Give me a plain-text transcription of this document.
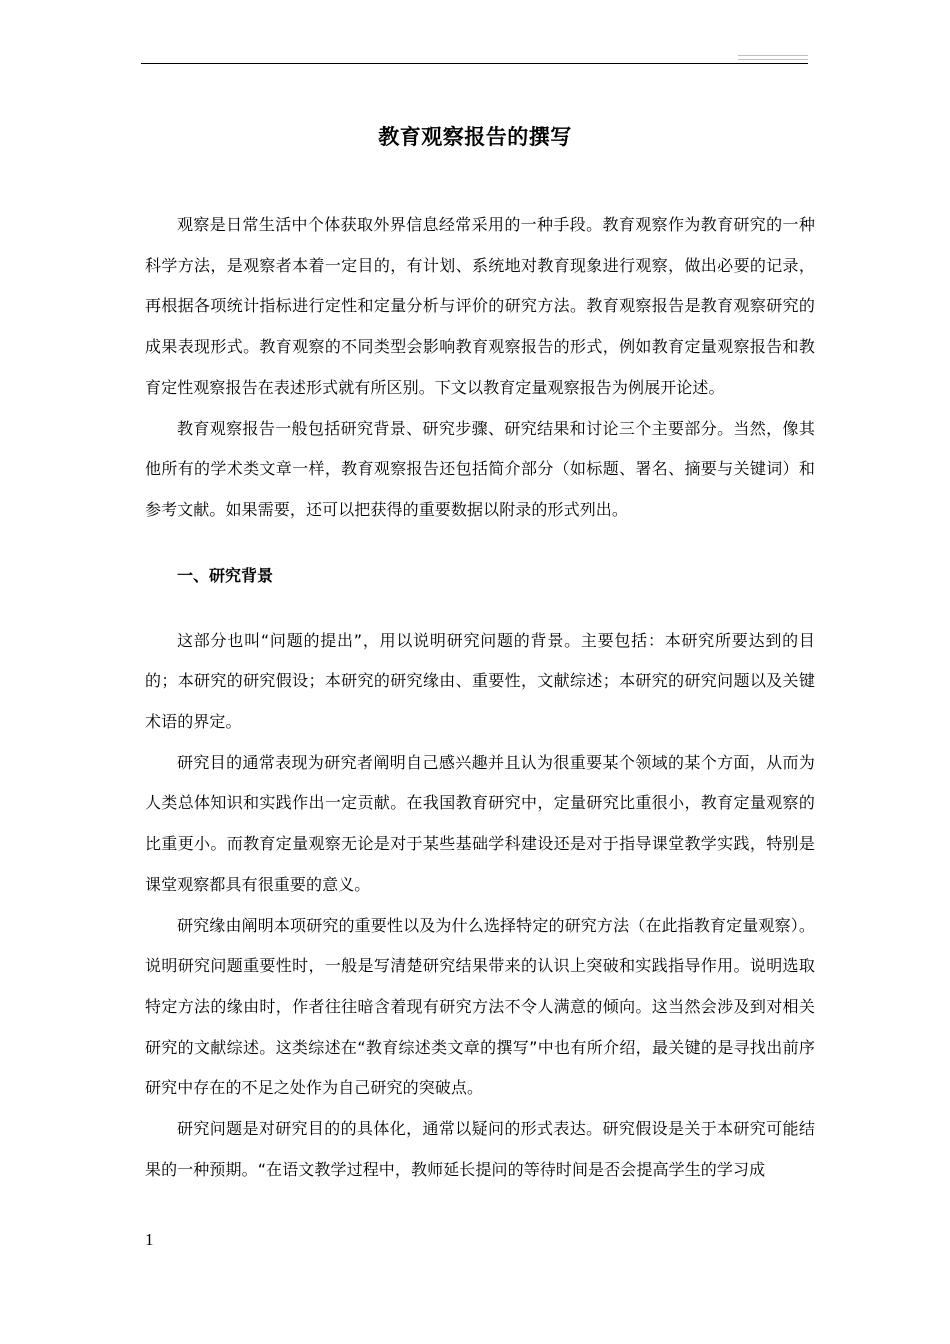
教育观察报告的撰写

观察是日常生活中个体获取外界信息经常采用的一种手段。教育观察作为教育研究的一种科学方法，是观察者本着一定目的，有计划、系统地对教育现象进行观察，做出必要的记录，再根据各项统计指标进行定性和定量分析与评价的研究方法。教育观察报告是教育观察研究的成果表现形式。教育观察的不同类型会影响教育观察报告的形式，例如教育定量观察报告和教育定性观察报告在表述形式就有所区别。下文以教育定量观察报告为例展开论述。

教育观察报告一般包括研究背景、研究步骤、研究结果和讨论三个主要部分。当然，像其他所有的学术类文章一样，教育观察报告还包括简介部分（如标题、署名、摘要与关键词）和参考文献。如果需要，还可以把获得的重要数据以附录的形式列出。

一、研究背景

这部分也叫“问题的提出”，用以说明研究问题的背景。主要包括：本研究所要达到的目的；本研究的研究假设；本研究的研究缘由、重要性，文献综述；本研究的研究问题以及关键术语的界定。

研究目的通常表现为研究者阐明自己感兴趣并且认为很重要某个领域的某个方面，从而为人类总体知识和实践作出一定贡献。在我国教育研究中，定量研究比重很小，教育定量观察的比重更小。而教育定量观察无论是对于某些基础学科建设还是对于指导课堂教学实践，特别是课堂观察都具有很重要的意义。

研究缘由阐明本项研究的重要性以及为什么选择特定的研究方法（在此指教育定量观察）。说明研究问题重要性时，一般是写清楚研究结果带来的认识上突破和实践指导作用。说明选取特定方法的缘由时，作者往往暗含着现有研究方法不令人满意的倾向。这当然会涉及到对相关研究的文献综述。这类综述在“教育综述类文章的撰写”中也有所介绍，最关键的是寻找出前序研究中存在的不足之处作为自己研究的突破点。

研究问题是对研究目的的具体化，通常以疑问的形式表达。研究假设是关于本研究可能结果的一种预期。“在语文教学过程中，教师延长提问的等待时间是否会提高学生的学习成

1
